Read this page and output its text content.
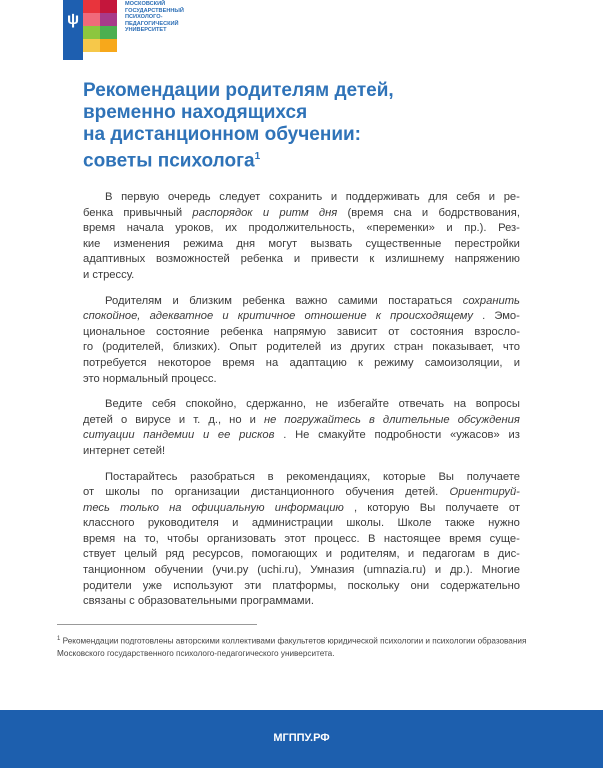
ψ
МОСКОВСКИЙ
ГОСУДАРСТВЕННЫЙ
ПСИХОЛОГО-
ПЕДАГОГИЧЕСКИЙ
УНИВЕРСИТЕТ
Рекомендации родителям детей,
временно находящихся
на дистанционном обучении:
советы психолога$^1$
В первую очередь следует сохранить и поддерживать для себя и ре-
бенка привычный распорядок и ритм дня (время сна и бодрствования,
время начала уроков, их продолжительность, «переменки» и пр.). Рез-
кие изменения режима дня могут вызвать существенные перестройки
адаптивных возможностей ребенка и привести к излишнему напряжению
и стрессу.
Родителям и близким ребенка важно самими постараться сохранить
спокойное, адекватное и критичное отношение к происходящему . Эмо-
циональное состояние ребенка напрямую зависит от состояния взросло-
го (родителей, близких). Опыт родителей из других стран показывает, что
потребуется некоторое время на адаптацию к режиму самоизоляции, и
это нормальный процесс.
Ведите себя спокойно, сдержанно, не избегайте отвечать на вопросы
детей о вирусе и т. д., но и не погружайтесь в длительные обсуждения
ситуации пандемии и ее рисков . Не смакуйте подробности «ужасов» из
интернет сетей!
Постарайтесь разобраться в рекомендациях, которые Вы получаете
от школы по организации дистанционного обучения детей. Ориентируй-
тесь только на официальную информацию , которую Вы получаете от
классного руководителя и администрации школы. Школе также нужно
время на то, чтобы организовать этот процесс. В настоящее время суще-
ствует целый ряд ресурсов, помогающих и родителям, и педагогам в дис-
танционном обучении (учи.ру (uchi.ru), Умназия (umnazia.ru) и др.). Многие
родители уже используют эти платформы, поскольку они содержательно
связаны с образовательными программами.
$^1$ Рекомендации подготовлены авторскими коллективами факультетов юридической психологии и психологии образования Московского государственного психолого-педагогического университета.
МГППУ.РФ
